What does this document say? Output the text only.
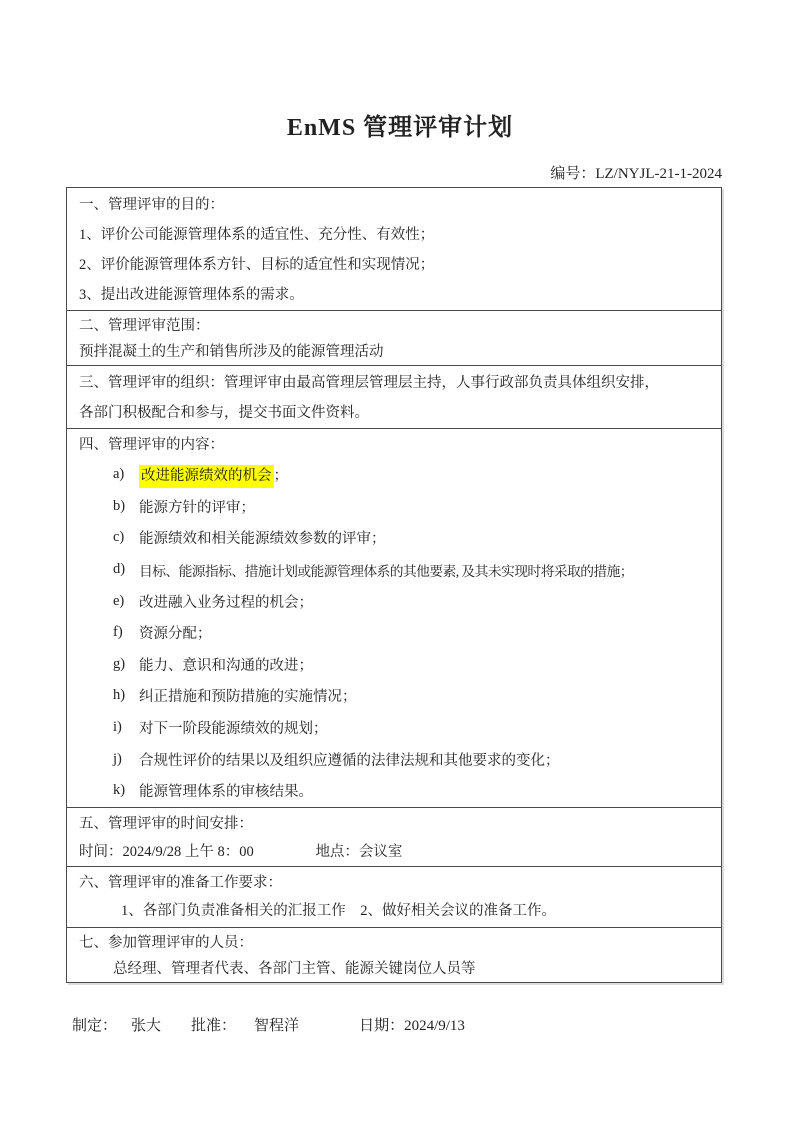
EnMS 管理评审计划
编号：LZ/NYJL-21-1-2024

一、管理评审的目的：

1、评价公司能源管理体系的适宜性、充分性、有效性；

2、评价能源管理体系方针、目标的适宜性和实现情况；

3、提出改进能源管理体系的需求。

二、管理评审范围：

预拌混凝土的生产和销售所涉及的能源管理活动

三、管理评审的组织：管理评审由最高管理层管理层主持，人事行政部负责具体组织安排，

各部门积极配合和参与，提交书面文件资料。

四、管理评审的内容：

a)	改进能源绩效的机会 ；
b) 能源方针的评审；
c)	能源绩效和相关能源绩效参数的评审；
d)	目标、能源指标、措施计划或能源管理体系的其他要素, 及其未实现时将采取的措施；
e)	改进融入业务过程的机会；
f)	资源分配；
g) 能力、意识和沟通的改进；
h) 纠正措施和预防措施的实施情况；
i)	对下一阶段能源绩效的规划；
j)	合规性评价的结果以及组织应遵循的法律法规和其他要求的变化；
k) 能源管理体系的审核结果。

五、管理评审的时间安排：

时间：2024/9/28 上午 8：00	地点：会议室

六、管理评审的准备工作要求：

1、各部门负责准备相关的汇报工作　2、做好相关会议的准备工作。

七、参加管理评审的人员：

总经理、管理者代表、各部门主管、能源关键岗位人员等

制定： 张大 批准： 智程洋	日期：2024/9/13
